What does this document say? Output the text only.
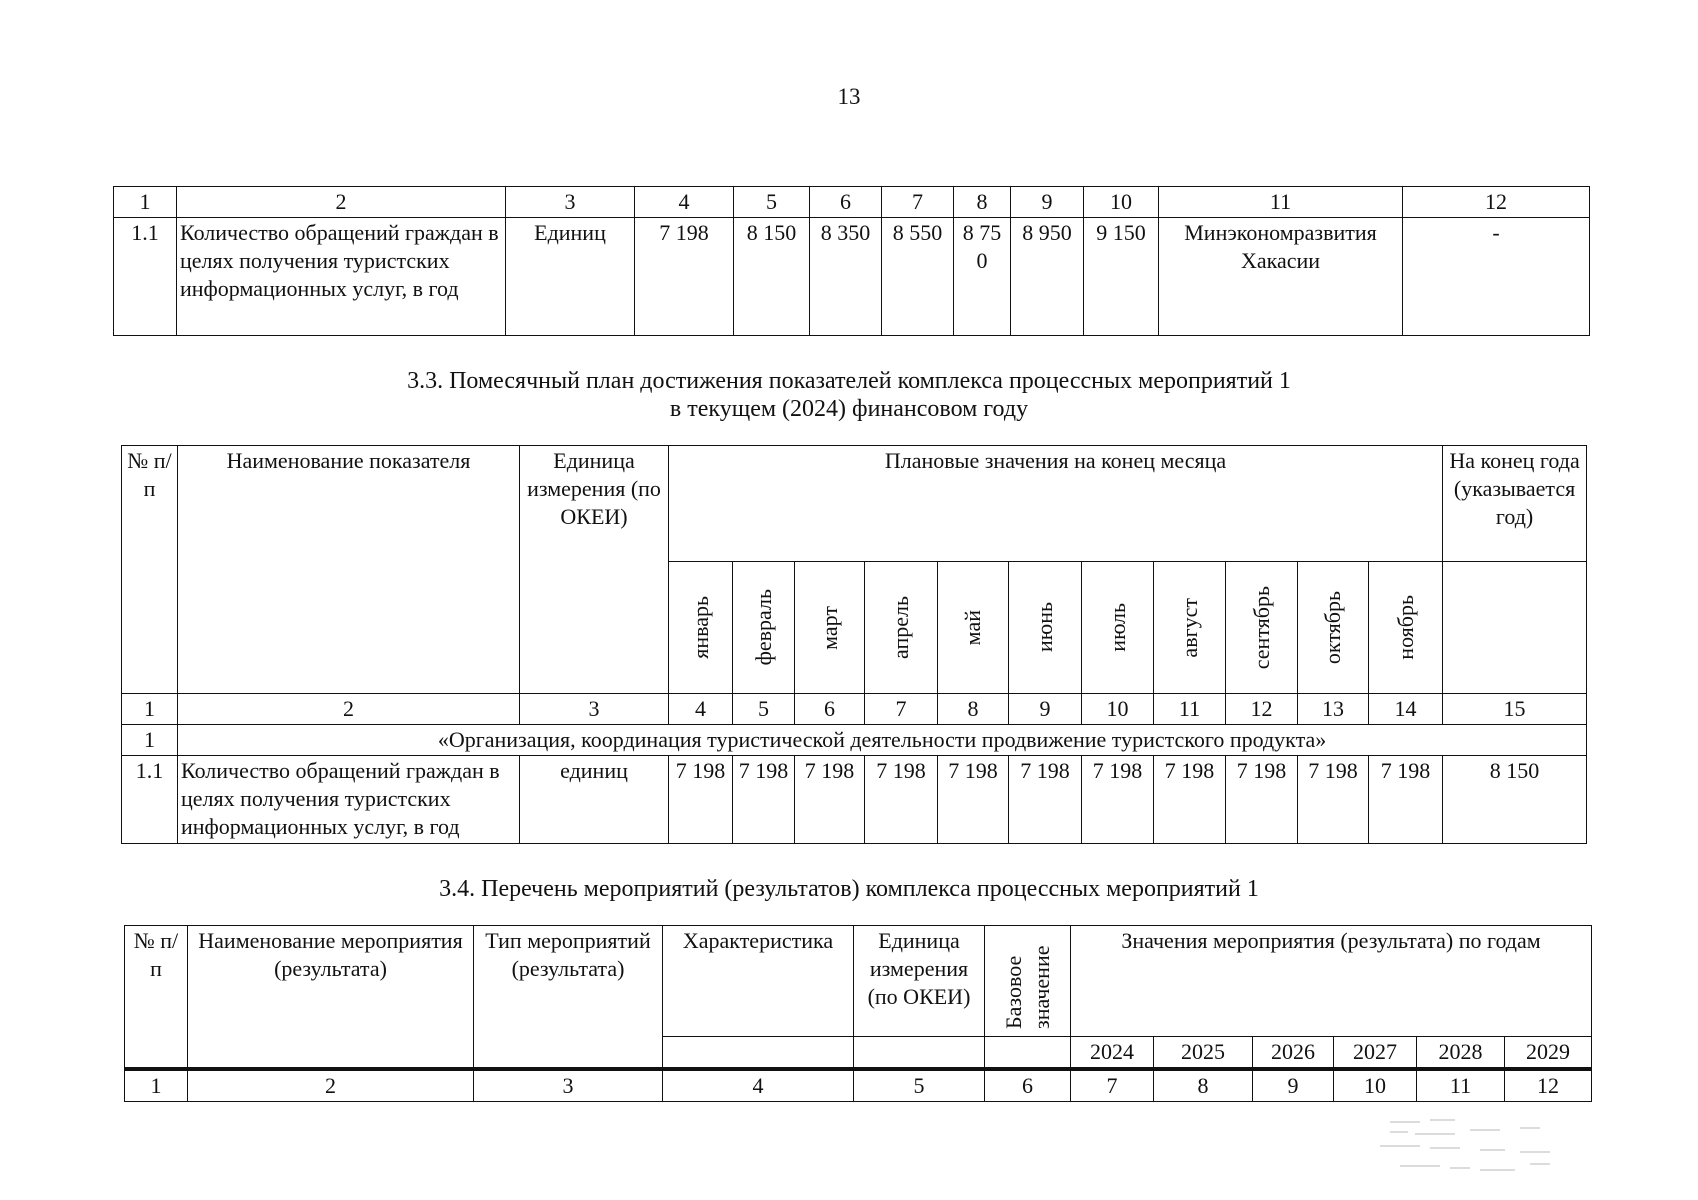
13
1	2	3	4	5	6	7	8	9	10	11	12
1.1	Количество обращений граждан в целях получения туристских информационных услуг, в год	Единиц	7 198	8 150	8 350	8 550	8 75 0	8 950	9 150	Минэкономразвития Хакасии	-
3.3. Помесячный план достижения показателей комплекса процессных мероприятий 1
в текущем (2024) финансовом году
№ п/п	Наименование показателя	Единица измерения (по ОКЕИ)	Плановые значения на конец месяца											На конец года (указывается год)
			январь	февраль	март	апрель	май	июнь	июль	август	сентябрь	октябрь	ноябрь	
1	2	3	4	5	6	7	8	9	10	11	12	13	14	15
1	«Организация, координация туристической деятельности продвижение туристского продукта»													
1.1	Количество обращений граждан в целях получения туристских информационных услуг, в год	единиц	7 198	7 198	7 198	7 198	7 198	7 198	7 198	7 198	7 198	7 198	7 198	8 150
3.4. Перечень мероприятий (результатов) комплекса процессных мероприятий 1
№ п/п	Наименование мероприятия (результата)	Тип мероприятий (результата)	Характеристика	Единица измерения (по ОКЕИ)	Базовое значение	Значения мероприятия (результата) по годам					
						2024	2025	2026	2027	2028	2029
1	2	3	4	5	6	7	8	9	10	11	12
